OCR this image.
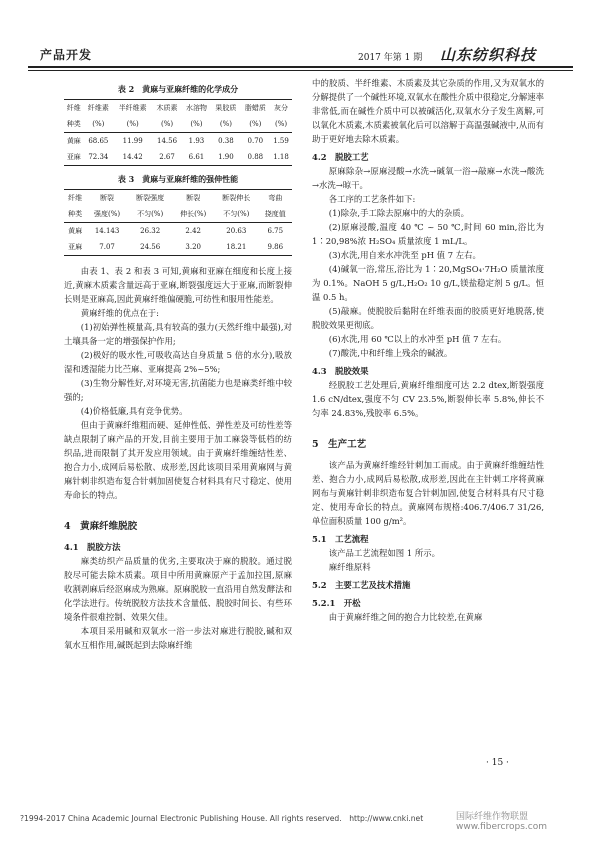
产品开发	2017 年第 1 期 山东纺织科技
表 2　黄麻与亚麻纤维的化学成分
纤维	纤维素	半纤维素	木质素	水溶物	果胶质	脂蜡质	灰分
种类	(%)	(%)	(%)	(%)	(%)	(%)	(%)
黄麻	68.65	11.99	14.56	1.93	0.38	0.70	1.59
亚麻	72.34	14.42	2.67	6.61	1.90	0.88	1.18
表 3　黄麻与亚麻纤维的强伸性能
纤维	断裂	断裂强度	断裂	断裂伸长	弯曲
种类	强度(%)	不匀(%)	伸长(%)	不匀(%)	挠度值
黄麻	14.143	26.32	2.42	20.63	6.75
亚麻	7.07	24.56	3.20	18.21	9.86

由表 1、表 2 和表 3 可知,黄麻和亚麻在细度和长度上接近,黄麻木质素含量远高于亚麻,断裂强度远大于亚麻,而断裂伸长则是亚麻高,因此黄麻纤维偏硬脆,可纺性和服用性能差。

黄麻纤维的优点在于:

(1)初始弹性模量高,具有较高的强力(天然纤维中最强),对土壤具备一定的增强保护作用;

(2)极好的吸水性,可吸收高达自身质量 5 倍的水分),吸放湿和透湿能力比苎麻、亚麻提高 2%~5%;

(3)生物分解性好,对环境无害,抗菌能力也是麻类纤维中较强的;

(4)价格低廉,具有竞争优势。

但由于黄麻纤维粗而硬、延伸性低、弹性差及可纺性差等缺点限制了麻产品的开发,目前主要用于加工麻袋等低档的纺织品,进而限制了其开发应用领域。由于黄麻纤维缠结性差、抱合力小,成网后易松散、成形差,因此该项目采用黄麻网与黄麻针刺非织造布复合针刺加固使复合材料具有尺寸稳定、使用寿命长的特点。

4　黄麻纤维脱胶
4.1　脱胶方法

麻类纺织产品质量的优劣,主要取决于麻的脱胶。通过脱胶尽可能去除木质素。项目中所用黄麻原产于孟加拉国,原麻收割剥麻后经沤麻成为熟麻。原麻脱胶一直沿用自然发酵法和化学法进行。传统脱胶方法技术含量低、脱胶时间长、有些环境条件很难控制、效果欠佳。

本项目采用碱和双氧水一浴一步法对麻进行脱胶,碱和双氧水互相作用,碱既起到去除麻纤维

中的胶质、半纤维素、木质素及其它杂质的作用,又为双氧水的分解提供了一个碱性环境,双氧水在酸性介质中很稳定,分解速率非常低,而在碱性介质中可以被碱活化,双氧水分子发生离解,可以氧化木质素,木质素被氧化后可以溶解于高温强碱液中,从而有助于更好地去除木质素。

4.2　脱胶工艺

原麻除杂→原麻浸酸→水洗→碱氧一浴→敲麻→水洗→酸洗→水洗→晾干。

各工序的工艺条件如下:

(1)除杂,手工除去原麻中的大的杂质。

(2)原麻浸酸,温度 40 ℃ ~ 50 ℃,时间 60 min,浴比为 1∶20,98%浓 H₂SO₄ 质量浓度 1 mL/L。

(3)水洗,用自来水冲洗至 pH 值 7 左右。

(4)碱氧一浴,常压,浴比为 1∶20,MgSO₄·7H₂O 质量浓度为 0.1%。NaOH 5 g/L,H₂O₂ 10 g/L,镁盐稳定剂 5 g/L。恒温 0.5 h。

(5)敲麻。使脱胶后黏附在纤维表面的胶质更好地脱落,使脱胶效果更彻底。

(6)水洗,用 60 ℃以上的水冲至 pH 值 7 左右。

(7)酸洗,中和纤维上残余的碱液。

4.3　脱胶效果

经脱胶工艺处理后,黄麻纤维细度可达 2.2 dtex,断裂强度 1.6 cN/dtex,强度不匀 CV 23.5%,断裂伸长率 5.8%,伸长不匀率 24.83%,残胶率 6.5%。

5　生产工艺

该产品为黄麻纤维经针刺加工而成。由于黄麻纤维缠结性差、抱合力小,成网后易松散,成形差,因此在主针刺工序将黄麻网布与黄麻针刺非织造布复合针刺加固,使复合材料具有尺寸稳定、使用寿命长的特点。黄麻网布规格:406.7/406.7 31/26,单位面积质量 100 g/m²。

5.1　工艺流程

该产品工艺流程如图 1 所示。

麻纤维原料

5.2　主要工艺及技术措施
5.2.1　开松

由于黄麻纤维之间的抱合力比较差,在黄麻

· 15 ·
?1994-2017 China Academic Journal Electronic Publishing House. All rights reserved.　http://www.cnki.net	国际纤维作物联盟 www.fibercrops.com
